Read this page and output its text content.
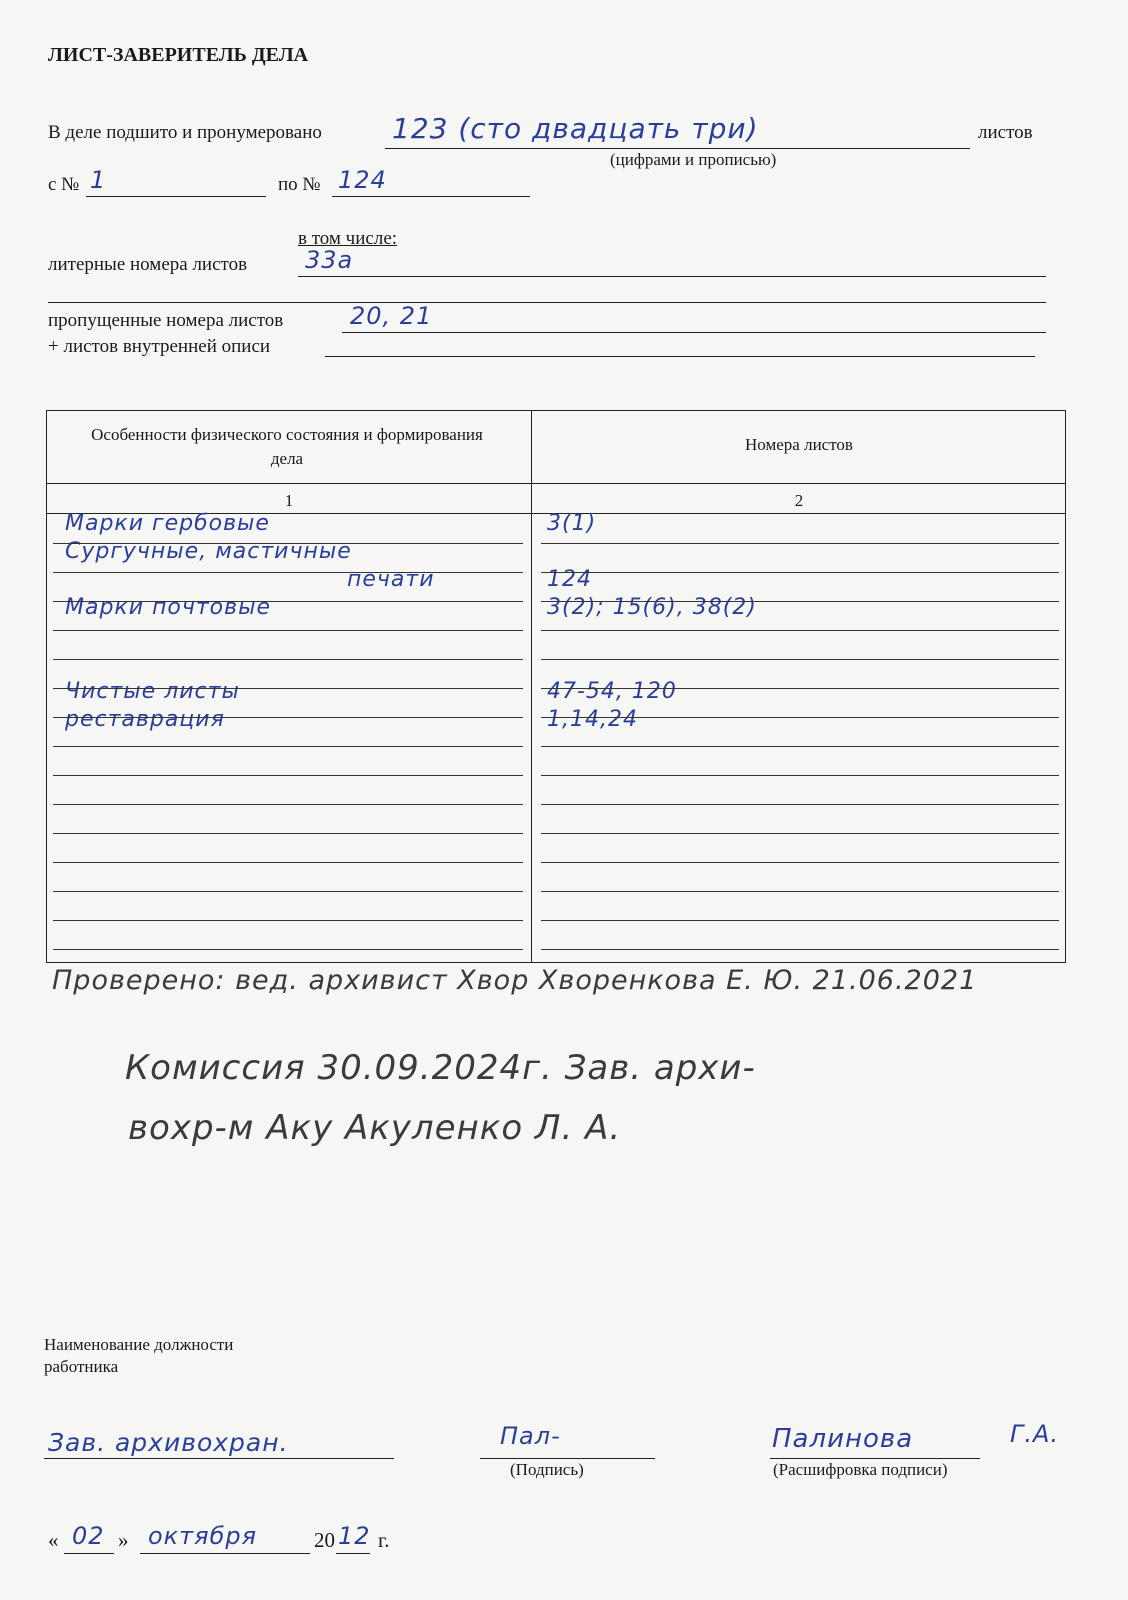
ЛИСТ-ЗАВЕРИТЕЛЬ ДЕЛА
В деле подшито и пронумеровано	123 (сто двадцать три)	листов
(цифрами и прописью)
с № 1	по № 124
в том числе:
литерные номера листов 33а
пропущенные номера листов	20, 21
+ листов внутренней описи
Особенности физического состояния и формирования дела
Номера листов
1	2
Марки гербовые	3(1)
Сургучные, мастичные
печати	124
Марки почтовые	3(2); 15(6), 38(2)
Чистые листы	47-54, 120
реставрация	1,14,24
Проверено: вед. архивист Хвор Хворенкова Е. Ю. 21.06.2021
Комиссия 30.09.2024г. Зав. архи-
вохр-м Аку Акуленко Л. А.
Наименование должности
работника
Зав. архивохран.	Пал-
(Подпись)
Палинова	Г.А.
(Расшифровка подписи)
« 02 » октября	20 12 г.
